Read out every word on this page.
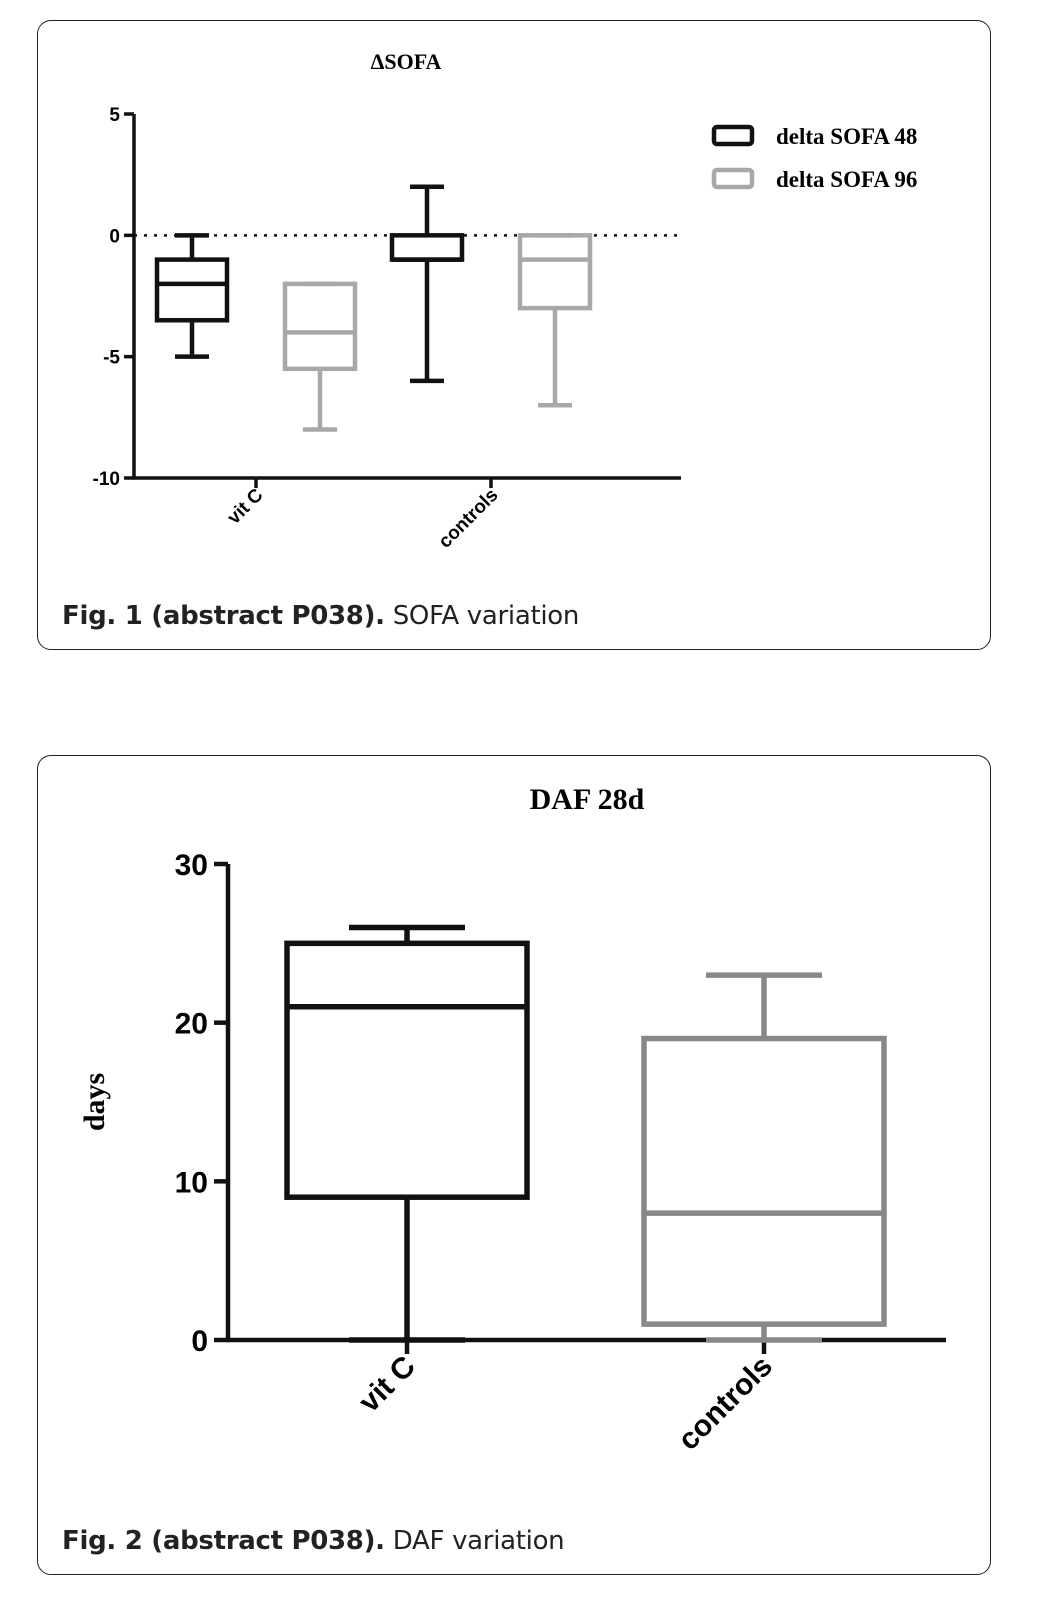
ΔSOFA
5
0
-5
-10
vit C	controls
delta SOFA 48
delta SOFA 96
Fig. 1 (abstract P038). SOFA variation
DAF 28d
days
30
20
10
0
vit C	controls
Fig. 2 (abstract P038). DAF variation
